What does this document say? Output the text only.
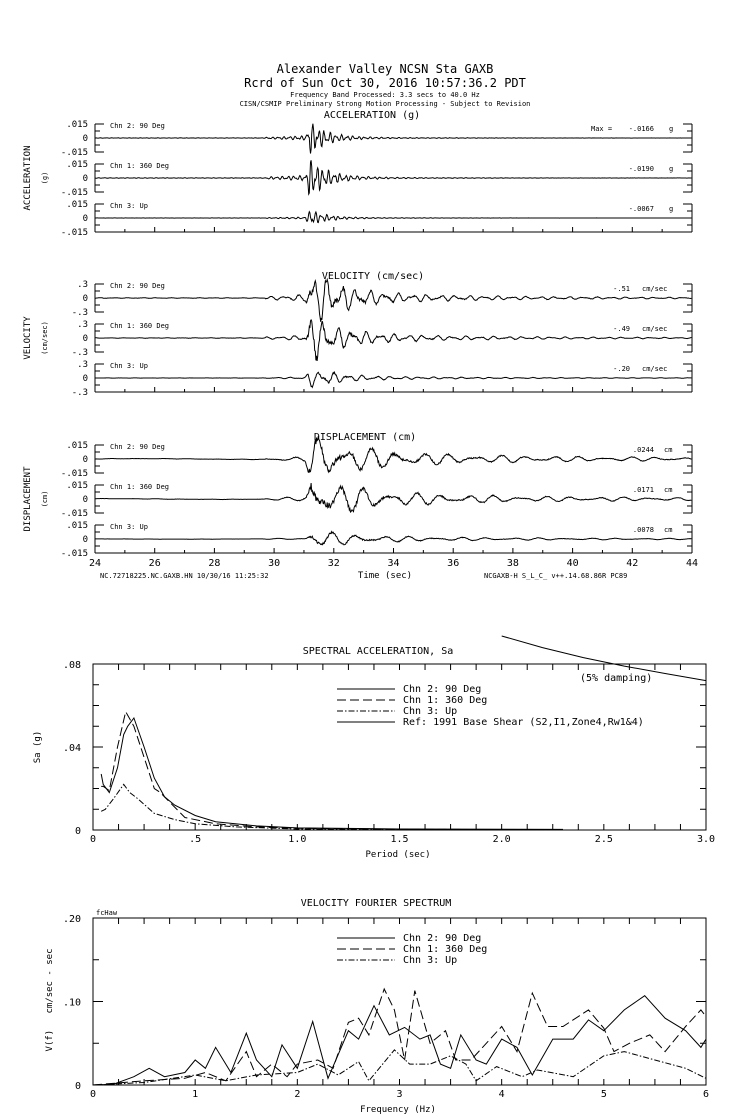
Alexander Valley NCSN Sta GAXB
Rcrd of Sun Oct 30, 2016 10:57:36.2 PDT
Frequency Band Processed: 3.3 secs to 40.0 Hz
CISN/CSMIP Preliminary Strong Motion Processing - Subject to Revision
ACCELERATION (g)
ACCELERATION (g)
.015
0
-.015
Chn 2: 90 Deg	Max = -.0166 g
.015
0
-.015
Chn 1: 360 Deg	-.0190 g
.015
0
-.015
Chn 3: Up	-.0067 g
VELOCITY (cm/sec)
VELOCITY (cm/sec)
.3
0
-.3
Chn 2: 90 Deg	-.51 cm/sec
.3
0
-.3
Chn 1: 360 Deg	-.49 cm/sec
.3
0
-.3
Chn 3: Up	-.20 cm/sec
DISPLACEMENT (cm)
DISPLACEMENT (cm)
.015
0
-.015
Chn 2: 90 Deg	.0244 cm
.015
0
-.015
Chn 1: 360 Deg	.0171 cm
.015
0
-.015
Chn 3: Up	.0078 cm
24	26	28	30	32	34	36	38	40	42	44
Time (sec)
NC.72718225.NC.GAXB.HN 10/30/16 11:25:32	NCGAXB-H S_L_C_ v++.14.68.86R PC89
SPECTRAL ACCELERATION, Sa
(5% damping)
Sa (g)
Period (sec)
0	.5	1.0	1.5	2.0	2.5	3.0
.08
.04
0
Chn 2: 90 Deg
Chn 1: 360 Deg
Chn 3: Up
Ref: 1991 Base Shear (S2,I1,Zone4,Rw1&4)
VELOCITY FOURIER SPECTRUM
fcHaw
V(f)   cm/sec - sec
Frequency (Hz)
0	1	2	3	4	5	6
.20
.10
0
Chn 2: 90 Deg
Chn 1: 360 Deg
Chn 3: Up
